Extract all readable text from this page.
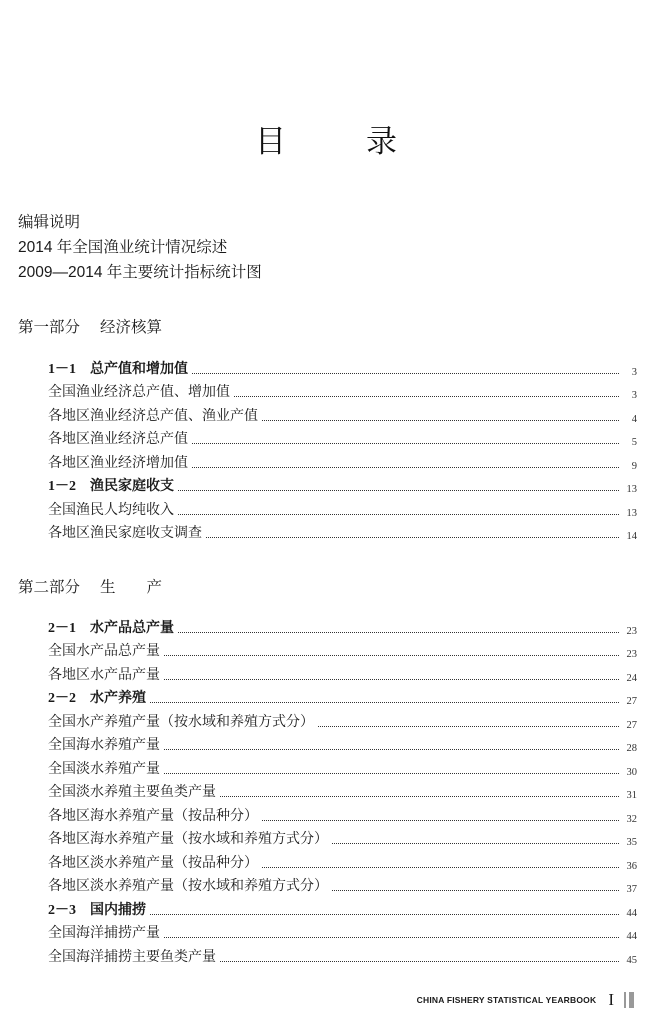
目录
编辑说明
2014 年全国渔业统计情况综述
2009—2014 年主要统计指标统计图
第一部分 经济核算
1－1　总产值和增加值	3
全国渔业经济总产值、增加值	3
各地区渔业经济总产值、渔业产值	4
各地区渔业经济总产值	5
各地区渔业经济增加值	9
1－2　渔民家庭收支	13
全国渔民人均纯收入	13
各地区渔民家庭收支调查	14
第二部分 生　　产
2－1　水产品总产量	23
全国水产品总产量	23
各地区水产品产量	24
2－2　水产养殖	27
全国水产养殖产量（按水域和养殖方式分）	27
全国海水养殖产量	28
全国淡水养殖产量	30
全国淡水养殖主要鱼类产量	31
各地区海水养殖产量（按品种分）	32
各地区海水养殖产量（按水域和养殖方式分）	35
各地区淡水养殖产量（按品种分）	36
各地区淡水养殖产量（按水域和养殖方式分）	37
2－3　国内捕捞	44
全国海洋捕捞产量	44
全国海洋捕捞主要鱼类产量	45
CHINA FISHERY STATISTICAL YEARBOOK I
